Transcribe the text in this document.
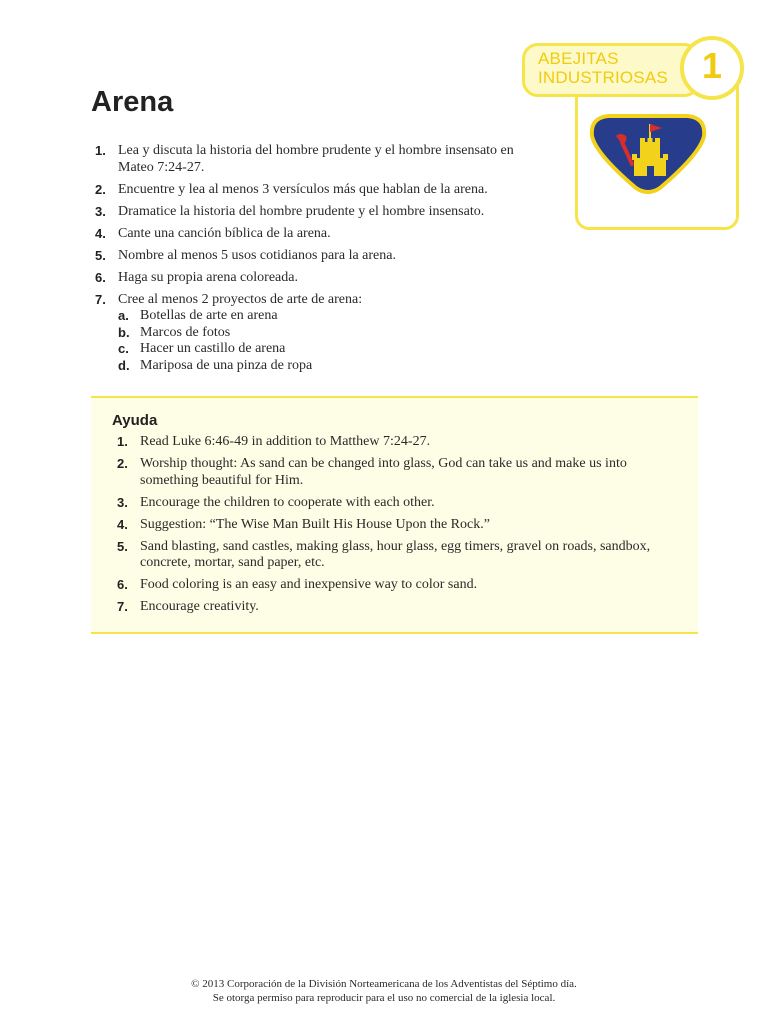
ABEJITAS INDUSTRIOSAS 1
Arena
1. Lea y discuta la historia del hombre prudente y el hombre insensato en Mateo 7:24-27.
2. Encuentre y lea al menos 3 versículos más que hablan de la arena.
3. Dramatice la historia del hombre prudente y el hombre insensato.
4. Cante una canción bíblica de la arena.
5. Nombre al menos 5 usos cotidianos para la arena.
6. Haga su propia arena coloreada.
7. Cree al menos 2 proyectos de arte de arena:
a. Botellas de arte en arena
b. Marcos de fotos
c. Hacer un castillo de arena
d. Mariposa de una pinza de ropa
Ayuda
1. Read Luke 6:46-49 in addition to Matthew 7:24-27.
2. Worship thought: As sand can be changed into glass, God can take us and make us into something beautiful for Him.
3. Encourage the children to cooperate with each other.
4. Suggestion: “The Wise Man Built His House Upon the Rock.”
5. Sand blasting, sand castles, making glass, hour glass, egg timers, gravel on roads, sandbox, concrete, mortar, sand paper, etc.
6. Food coloring is an easy and inexpensive way to color sand.
7. Encourage creativity.
© 2013 Corporación de la División Norteamericana de los Adventistas del Séptimo día.
Se otorga permiso para reproducir para el uso no comercial de la iglesia local.
